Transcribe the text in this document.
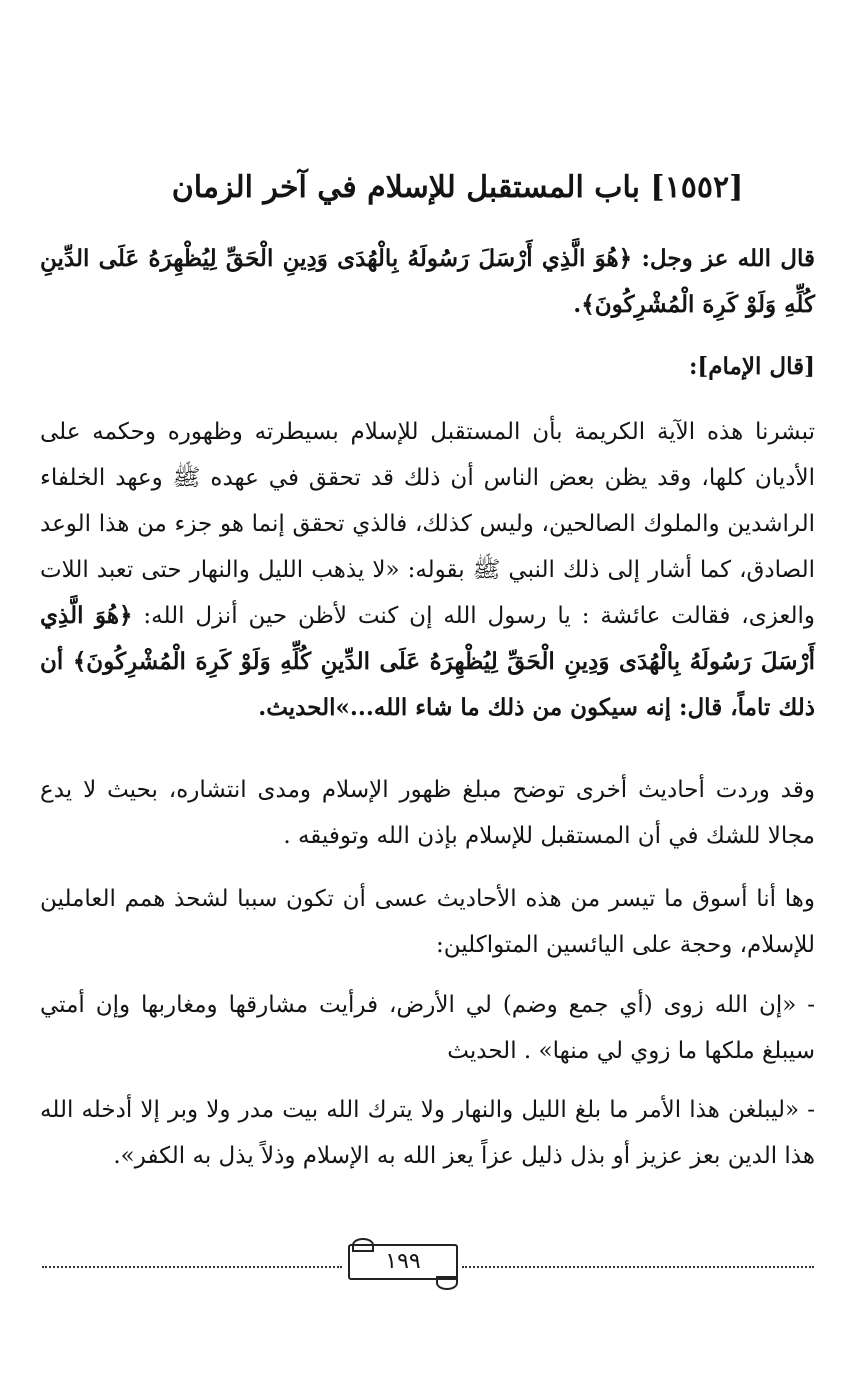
[١٥٥٢] باب المستقبل للإسلام في آخر الزمان
قال الله عز وجل: ﴿هُوَ الَّذِي أَرْسَلَ رَسُولَهُ بِالْهُدَى وَدِينِ الْحَقِّ لِيُظْهِرَهُ عَلَى الدِّينِ كُلِّهِ وَلَوْ كَرِهَ الْمُشْرِكُونَ﴾.
[قال الإمام]:
تبشرنا هذه الآية الكريمة بأن المستقبل للإسلام بسيطرته وظهوره وحكمه على الأديان كلها، وقد يظن بعض الناس أن ذلك قد تحقق في عهده ﷺ وعهد الخلفاء الراشدين والملوك الصالحين، وليس كذلك، فالذي تحقق إنما هو جزء من هذا الوعد الصادق، كما أشار إلى ذلك النبي ﷺ بقوله: «لا يذهب الليل والنهار حتى تعبد اللات والعزى، فقالت عائشة : يا رسول الله إن كنت لأظن حين أنزل الله: ﴿هُوَ الَّذِي أَرْسَلَ رَسُولَهُ بِالْهُدَى وَدِينِ الْحَقِّ لِيُظْهِرَهُ عَلَى الدِّينِ كُلِّهِ وَلَوْ كَرِهَ الْمُشْرِكُونَ﴾ أن ذلك تاماً، قال: إنه سيكون من ذلك ما شاء الله...»الحديث.
وقد وردت أحاديث أخرى توضح مبلغ ظهور الإسلام ومدى انتشاره، بحيث لا يدع مجالا للشك في أن المستقبل للإسلام بإذن الله وتوفيقه .
وها أنا أسوق ما تيسر من هذه الأحاديث عسى أن تكون سببا لشحذ همم العاملين للإسلام، وحجة على اليائسين المتواكلين:
- «إن الله زوى (أي جمع وضم) لي الأرض، فرأيت مشارقها ومغاربها وإن أمتي سيبلغ ملكها ما زوي لي منها» . الحديث
- «ليبلغن هذا الأمر ما بلغ الليل والنهار ولا يترك الله بيت مدر ولا وبر إلا أدخله الله هذا الدين بعز عزيز أو بذل ذليل عزاً يعز الله به الإسلام وذلاً يذل به الكفر».
١٩٩
